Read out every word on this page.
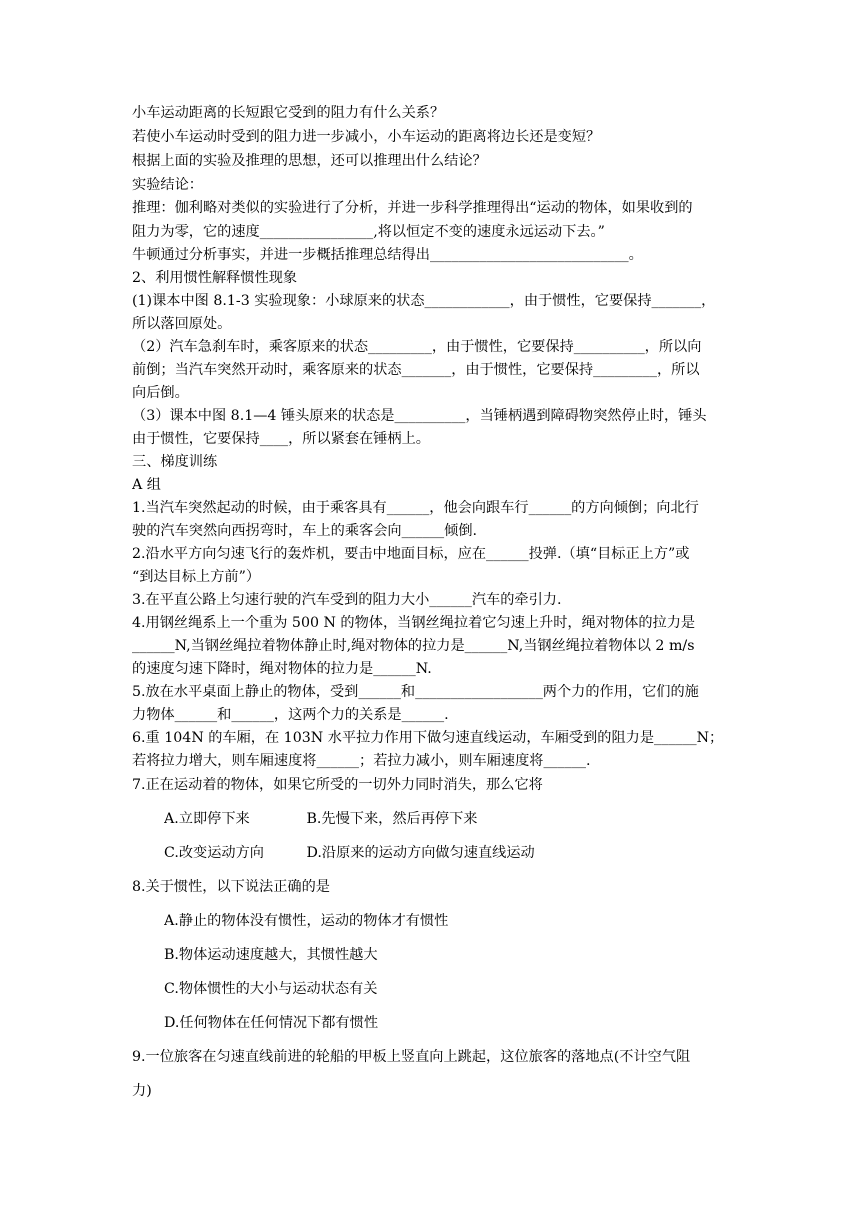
小车运动距离的长短跟它受到的阻力有什么关系？
若使小车运动时受到的阻力进一步减小，小车运动的距离将边长还是变短？
根据上面的实验及推理的思想，还可以推理出什么结论？
实验结论：
推理：伽利略对类似的实验进行了分析，并进一步科学推理得出“运动的物体，如果收到的
阻力为零，它的速度________________,将以恒定不变的速度永远运动下去。”
牛顿通过分析事实，并进一步概括推理总结得出____________________________。
2、利用惯性解释惯性现象
(1)课本中图 8.1-3 实验现象：小球原来的状态____________，由于惯性，它要保持_______，
所以落回原处。
（2）汽车急刹车时，乘客原来的状态_________，由于惯性，它要保持__________，所以向
前倒；当汽车突然开动时，乘客原来的状态_______，由于惯性，它要保持_________，所以
向后倒。
（3）课本中图 8.1—4 锤头原来的状态是__________，当锤柄遇到障碍物突然停止时，锤头
由于惯性，它要保持____，所以紧套在锤柄上。
三、梯度训练
A 组
1.当汽车突然起动的时候，由于乘客具有______，他会向跟车行______的方向倾倒；向北行
驶的汽车突然向西拐弯时，车上的乘客会向______倾倒.
2.沿水平方向匀速飞行的轰炸机，要击中地面目标，应在______投弹.（填“目标正上方”或
“到达目标上方前”）
3.在平直公路上匀速行驶的汽车受到的阻力大小______汽车的牵引力.
4.用钢丝绳系上一个重为 500 N 的物体，当钢丝绳拉着它匀速上升时，绳对物体的拉力是
______N,当钢丝绳拉着物体静止时,绳对物体的拉力是______N,当钢丝绳拉着物体以 2 m/s
的速度匀速下降时，绳对物体的拉力是______N.
5.放在水平桌面上静止的物体，受到______和__________________两个力的作用，它们的施
力物体______和______，这两个力的关系是______.
6.重 104N 的车厢，在 103N 水平拉力作用下做匀速直线运动，车厢受到的阻力是______N；
若将拉力增大，则车厢速度将______；若拉力减小，则车厢速度将______.
7.正在运动着的物体，如果它所受的一切外力同时消失，那么它将
A.立即停下来　　　　B.先慢下来，然后再停下来
C.改变运动方向　　　D.沿原来的运动方向做匀速直线运动
8.关于惯性，以下说法正确的是
A.静止的物体没有惯性，运动的物体才有惯性
B.物体运动速度越大，其惯性越大
C.物体惯性的大小与运动状态有关
D.任何物体在任何情况下都有惯性
9.一位旅客在匀速直线前进的轮船的甲板上竖直向上跳起，这位旅客的落地点(不计空气阻
力)
